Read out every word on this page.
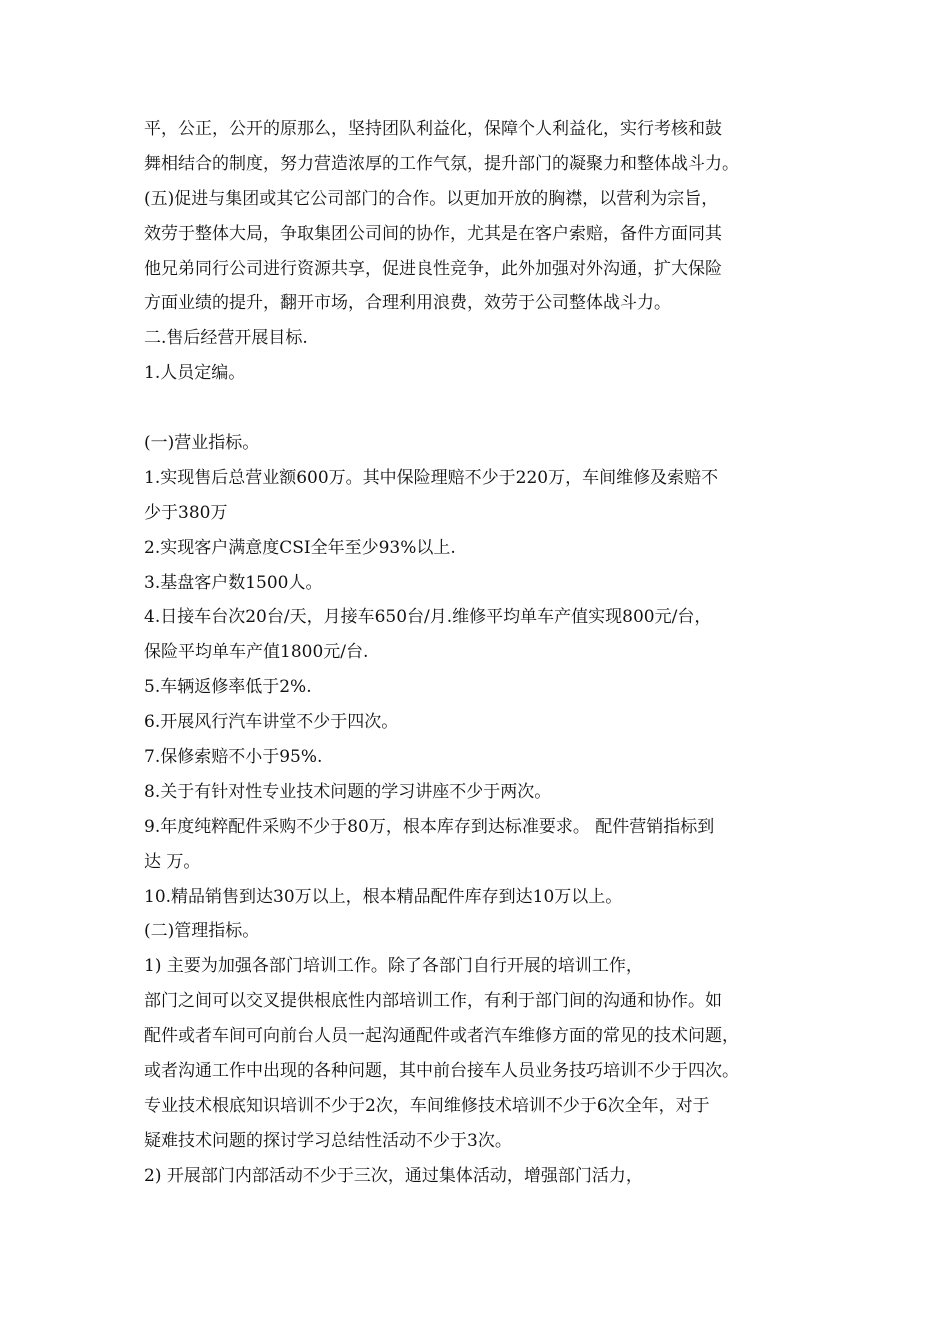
平，公正，公开的原那么，坚持团队利益化，保障个人利益化，实行考核和鼓
舞相结合的制度，努力营造浓厚的工作气氛，提升部门的凝聚力和整体战斗力。
(五)促进与集团或其它公司部门的合作。以更加开放的胸襟，以营利为宗旨，
效劳于整体大局，争取集团公司间的协作，尤其是在客户索赔，备件方面同其
他兄弟同行公司进行资源共享，促进良性竞争，此外加强对外沟通，扩大保险
方面业绩的提升，翻开市场，合理利用浪费，效劳于公司整体战斗力。
二.售后经营开展目标.
1.人员定编。
(一)营业指标。
1.实现售后总营业额600万。其中保险理赔不少于220万，车间维修及索赔不
少于380万
2.实现客户满意度CSI全年至少93%以上.
3.基盘客户数1500人。
4.日接车台次20台/天，月接车650台/月.维修平均单车产值实现800元/台，
保险平均单车产值1800元/台.
5.车辆返修率低于2%.
6.开展风行汽车讲堂不少于四次。
7.保修索赔不小于95%.
8.关于有针对性专业技术问题的学习讲座不少于两次。
9.年度纯粹配件采购不少于80万，根本库存到达标准要求。 配件营销指标到
达 万。
10.精品销售到达30万以上，根本精品配件库存到达10万以上。
(二)管理指标。
1) 主要为加强各部门培训工作。除了各部门自行开展的培训工作，
部门之间可以交叉提供根底性内部培训工作，有利于部门间的沟通和协作。如
配件或者车间可向前台人员一起沟通配件或者汽车维修方面的常见的技术问题，
或者沟通工作中出现的各种问题，其中前台接车人员业务技巧培训不少于四次。
专业技术根底知识培训不少于2次，车间维修技术培训不少于6次全年，对于
疑难技术问题的探讨学习总结性活动不少于3次。
2) 开展部门内部活动不少于三次，通过集体活动，增强部门活力，
